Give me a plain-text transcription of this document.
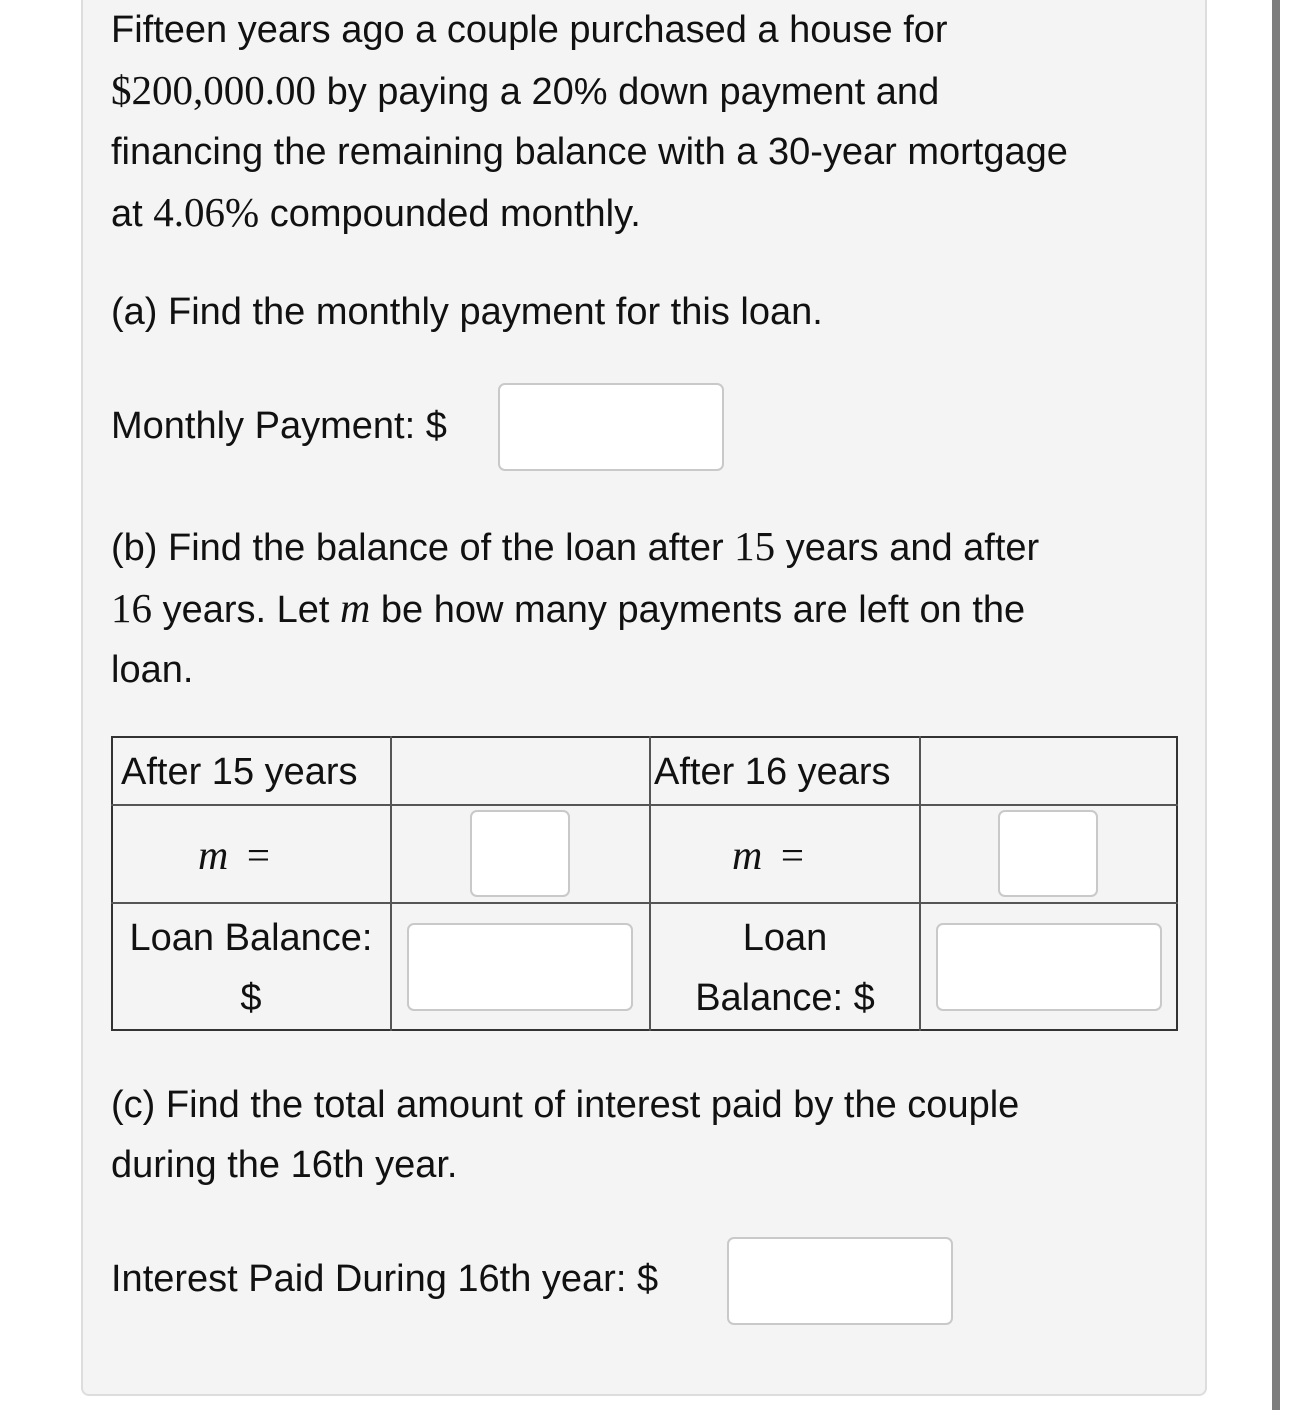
Fifteen years ago a couple purchased a house for
$200,000.00 by paying a 20% down payment and
financing the remaining balance with a 30-year mortgage
at 4.06% compounded monthly.
(a) Find the monthly payment for this loan.
Monthly Payment: $
(b) Find the balance of the loan after 15 years and after
16 years. Let m be how many payments are left on the
loan.
After 15 years	After 16 years
m =	m =
Loan Balance:
$
Loan
Balance: $
(c) Find the total amount of interest paid by the couple
during the 16th year.
Interest Paid During 16th year: $
